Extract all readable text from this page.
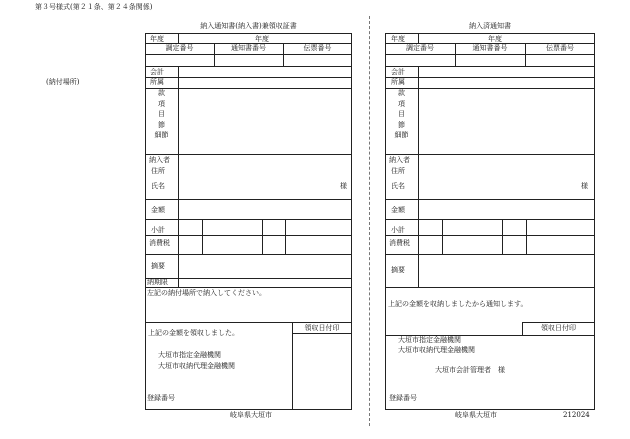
第３号様式(第２１条、第２４条関係)
(納付場所)
納入通知書(納入書)兼領収証書
年度	年度
調定番号	通知書番号	伝票番号
会計
所属
款
項
目
節
細節
納入者
住所
氏名	様
金額
小計
消費税
摘要
納期限
左記の納付場所で納入してください。
領収日付印
上記の金額を領収しました。
大垣市指定金融機関
大垣市収納代理金融機関
登録番号
岐阜県大垣市
納入済通知書
年度	年度
調定番号	通知書番号	伝票番号
会計
所属
款
項
目
節
細節
納入者
住所
氏名	様
金額
小計
消費税
摘要
上記の金額を収納しましたから通知します。
領収日付印
大垣市指定金融機関
大垣市収納代理金融機関
大垣市会計管理者　様
登録番号
岐阜県大垣市	212024
